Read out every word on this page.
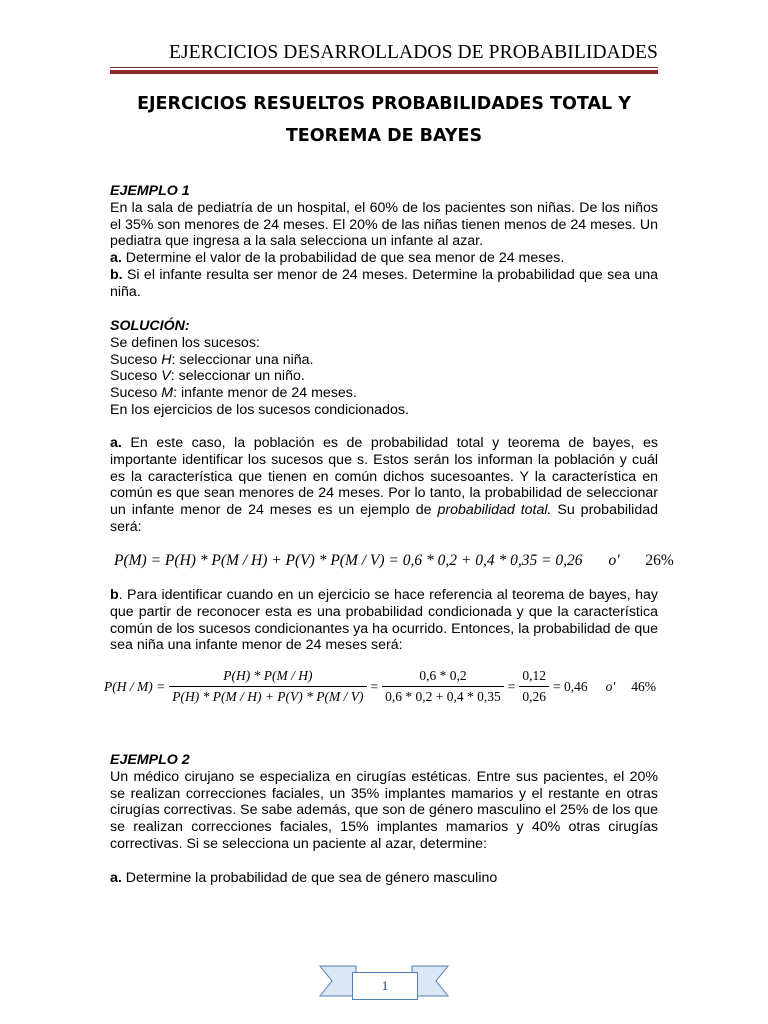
EJERCICIOS DESARROLLADOS DE PROBABILIDADES
EJERCICIOS RESUELTOS PROBABILIDADES TOTAL Y
TEOREMA DE BAYES

EJEMPLO 1

En la sala de pediatría de un hospital, el 60% de los pacientes son niñas. De los niños el 35% son menores de 24 meses. El 20% de las niñas tienen menos de 24 meses. Un pediatra que ingresa a la sala selecciona un infante al azar.

a. Determine el valor de la probabilidad de que sea menor de 24 meses.

b. Si el infante resulta ser menor de 24 meses. Determine la probabilidad que sea una niña.

SOLUCIÓN:

Se definen los sucesos:

Suceso H: seleccionar una niña.

Suceso V: seleccionar un niño.

Suceso M: infante menor de 24 meses.

En los ejercicios de los sucesos condicionados.

a. En este caso, la población es de probabilidad total y teorema de bayes, es importante identificar los sucesos que s. Estos serán los informan la población y cuál es la característica que tienen en común dichos sucesoantes. Y la característica en común es que sean menores de 24 meses. Por lo tanto, la probabilidad de seleccionar un infante menor de 24 meses es un ejemplo de probabilidad total. Su probabilidad será:

P(M) = P(H) * P(M / H) + P(V) * P(M / V) = 0,6 * 0,2 + 0,4 * 0,35 = 0,26 o' 26%

b. Para identificar cuando en un ejercicio se hace referencia al teorema de bayes, hay que partir de reconocer esta es una probabilidad condicionada y que la característica común de los sucesos condicionantes ya ha ocurrido. Entonces, la probabilidad de que sea niña una infante menor de 24 meses será:

$P(H / M) = \frac{P(H) * P(M / H)}{P(H) * P(M / H) + P(V) * P(M / V)} = \frac{0,6 * 0,2}{0,6 * 0,2 + 0,4 * 0,35} = \frac{0,12}{0,26} = 0,46$ o' 46%

EJEMPLO 2

Un médico cirujano se especializa en cirugías estéticas. Entre sus pacientes, el 20% se realizan correcciones faciales, un 35% implantes mamarios y el restante en otras cirugías correctivas. Se sabe además, que son de género masculino el 25% de los que se realizan correcciones faciales, 15% implantes mamarios y 40% otras cirugías correctivas. Si se selecciona un paciente al azar, determine:

a. Determine la probabilidad de que sea de género masculino

1
